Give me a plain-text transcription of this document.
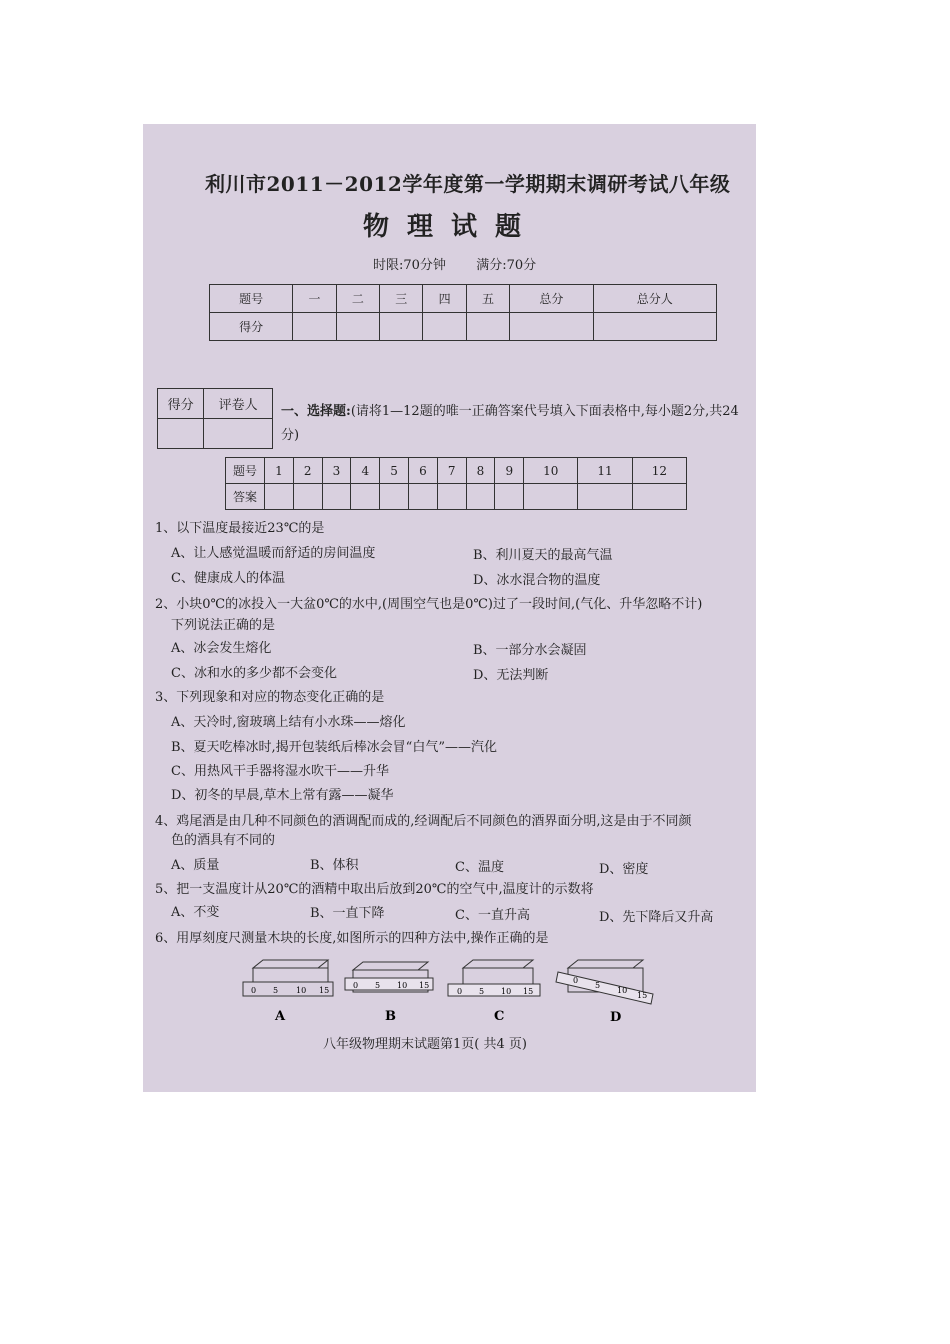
利川市2011－2012学年度第一学期期末调研考试八年级
物理试题
时限:70分钟 满分:70分
题号	一	二	三	四	五	总分	总分人
得分							
得分	评卷人
	一、选择题:(请将1—12题的唯一正确答案代号填入下面表格中,每小题2分,共24分)
题号	1	2	3	4	5	6	7	8	9	10	11	12
答案												
1、以下温度最接近23℃的是
A、让人感觉温暖而舒适的房间温度	B、利川夏天的最高气温
C、健康成人的体温	D、冰水混合物的温度
2、小块0℃的冰投入一大盆0℃的水中,(周围空气也是0℃)过了一段时间,(气化、升华忽略不计)
下列说法正确的是
A、冰会发生熔化	B、一部分水会凝固
C、冰和水的多少都不会变化	D、无法判断
3、下列现象和对应的物态变化正确的是
A、天冷时,窗玻璃上结有小水珠——熔化
B、夏天吃棒冰时,揭开包装纸后棒冰会冒“白气”——汽化
C、用热风干手器将湿水吹干——升华
D、初冬的早晨,草木上常有露——凝华
4、鸡尾酒是由几种不同颜色的酒调配而成的,经调配后不同颜色的酒界面分明,这是由于不同颜
色的酒具有不同的
A、质量	B、体积	C、温度	D、密度
5、把一支温度计从20℃的酒精中取出后放到20℃的空气中,温度计的示数将
A、不变	B、一直下降	C、一直升高	D、先下降后又升高
6、用厚刻度尺测量木块的长度,如图所示的四种方法中,操作正确的是
0 5 10 15
0 5 10 15
0 5 10 15
0
5
10
15
A	B	C	D
八年级物理期末试题第1页( 共4 页)
